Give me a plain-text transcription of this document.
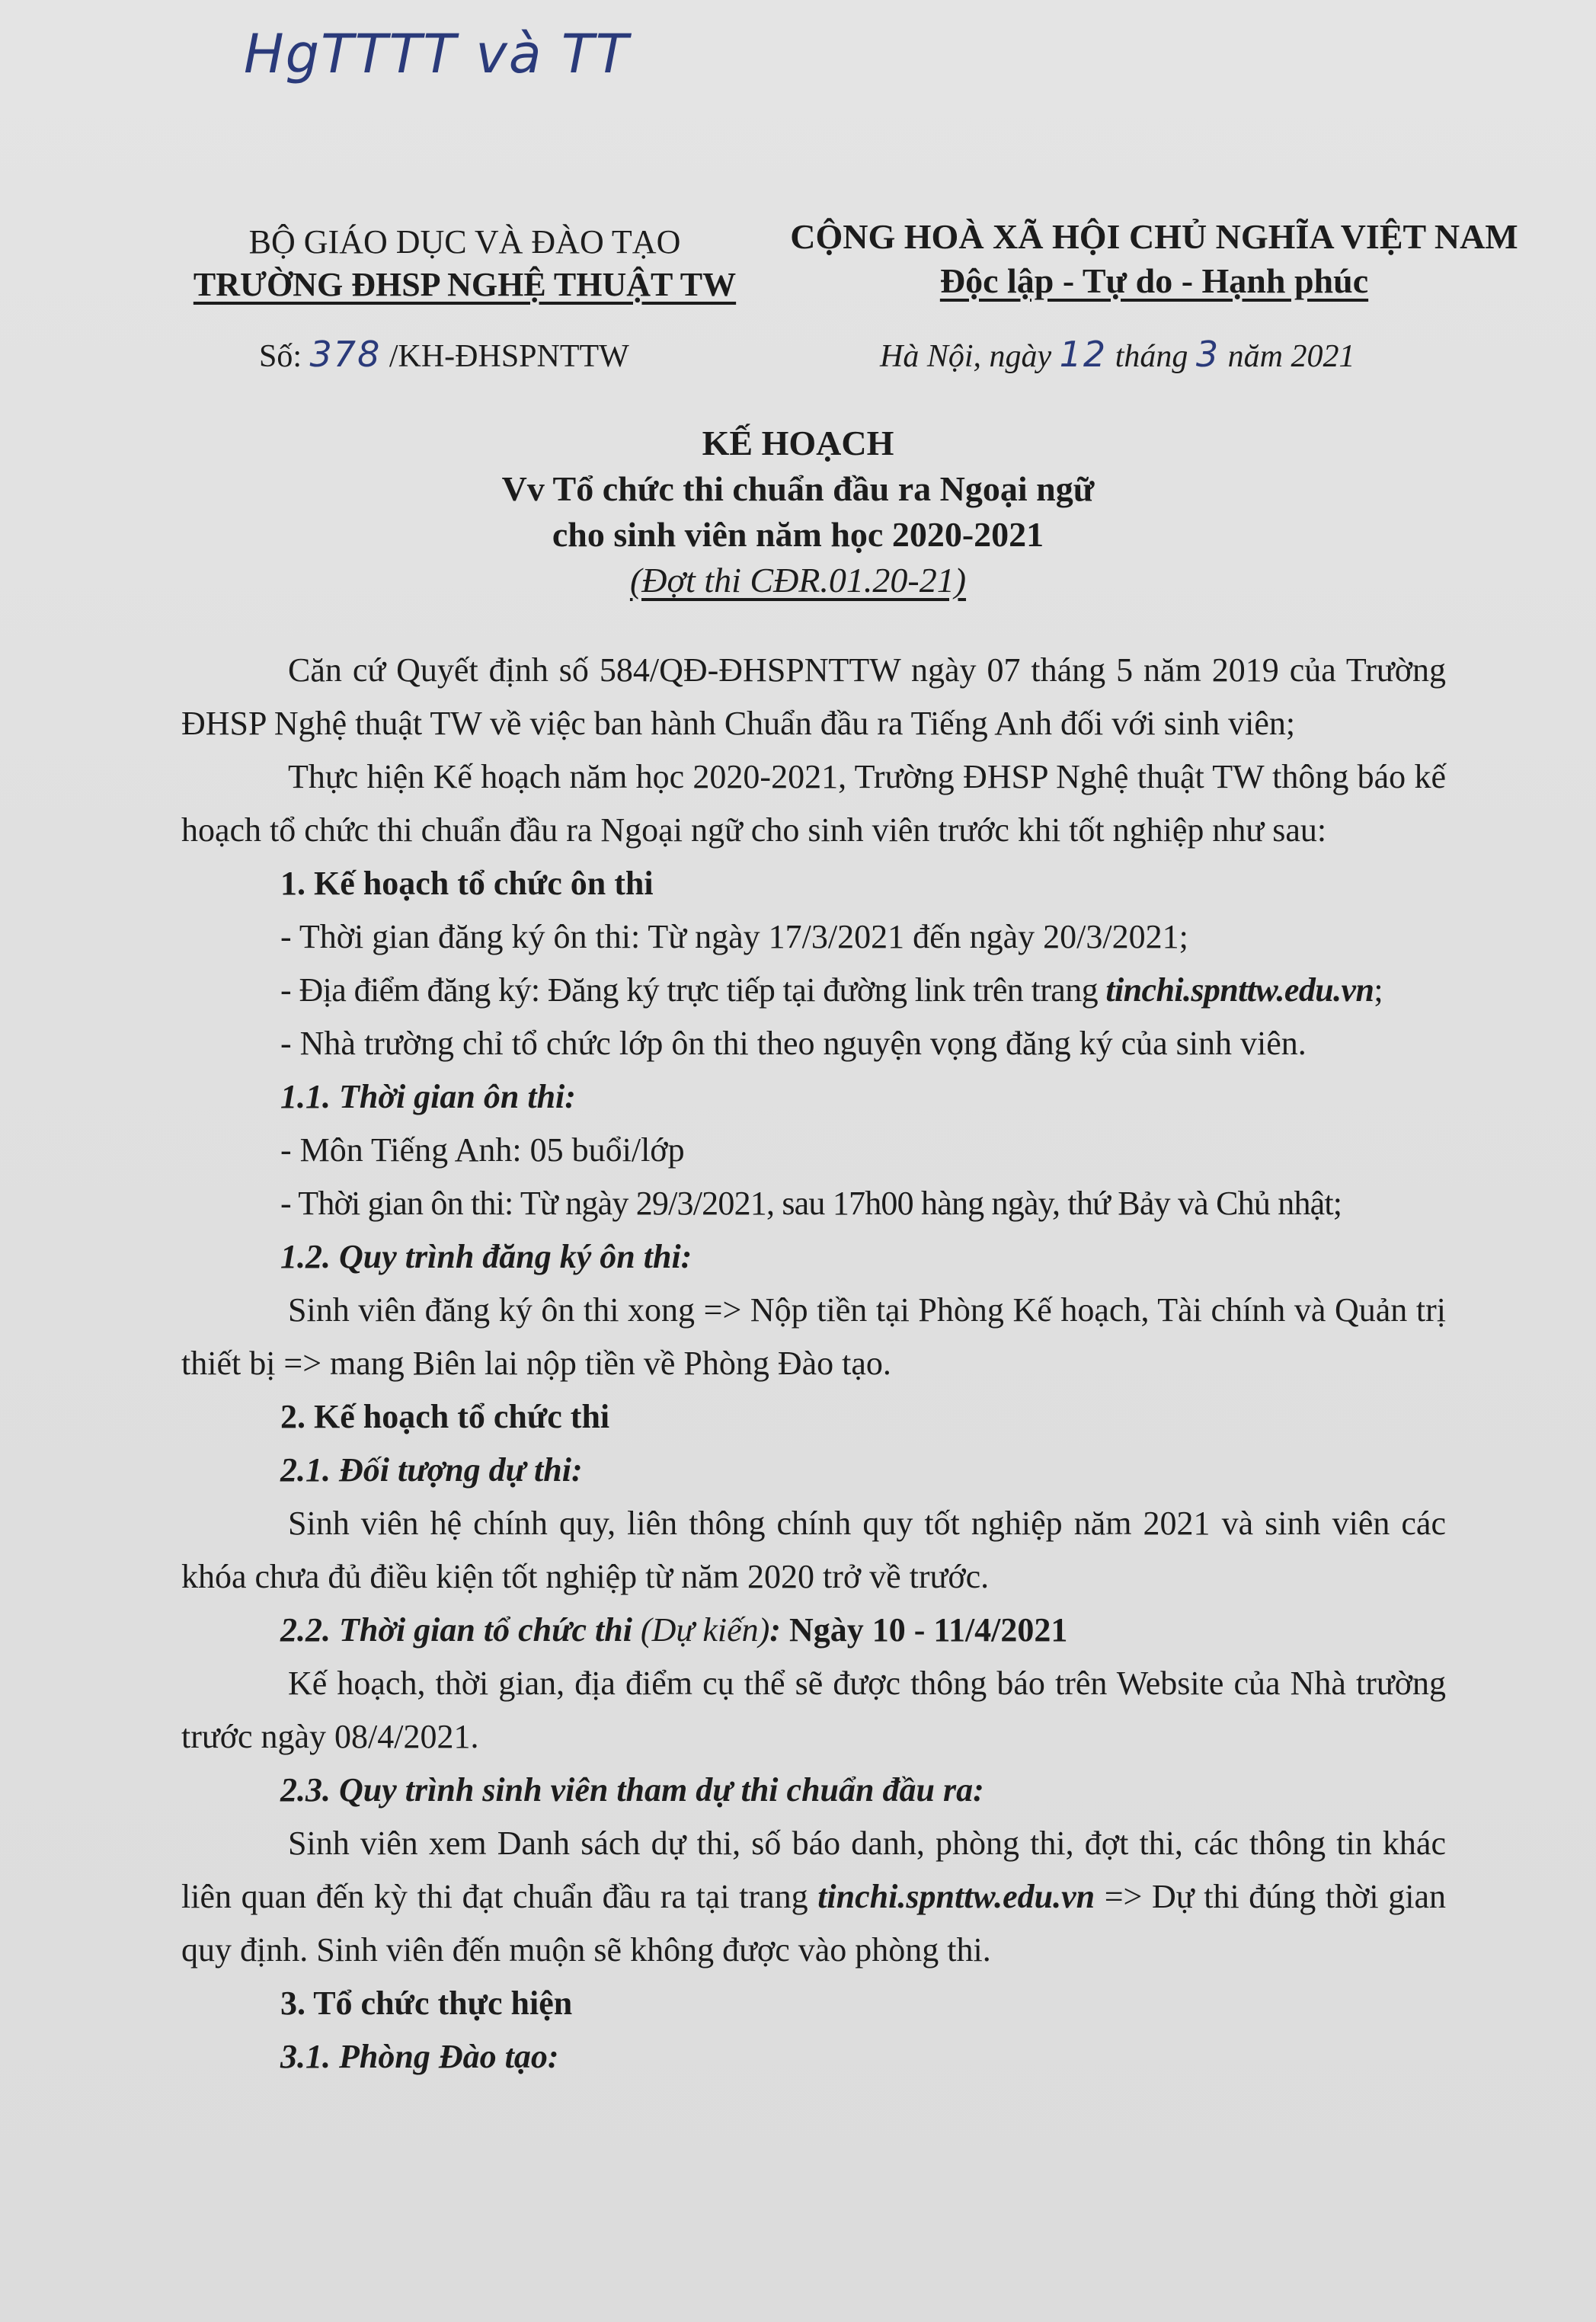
HgTTTT và TT
BỘ GIÁO DỤC VÀ ĐÀO TẠO
TRƯỜNG ĐHSP NGHỆ THUẬT TW
CỘNG HOÀ XÃ HỘI CHỦ NGHĨA VIỆT NAM
Độc lập - Tự do - Hạnh phúc
Số: 378 /KH-ĐHSPNTTW	Hà Nội, ngày 12 tháng 3 năm 2021
KẾ HOẠCH
Vv Tổ chức thi chuẩn đầu ra Ngoại ngữ
cho sinh viên năm học 2020-2021
(Đợt thi CĐR.01.20-21)

Căn cứ Quyết định số 584/QĐ-ĐHSPNTTW ngày 07 tháng 5 năm 2019 của Trường ĐHSP Nghệ thuật TW về việc ban hành Chuẩn đầu ra Tiếng Anh đối với sinh viên;

Thực hiện Kế hoạch năm học 2020-2021, Trường ĐHSP Nghệ thuật TW thông báo kế hoạch tổ chức thi chuẩn đầu ra Ngoại ngữ cho sinh viên trước khi tốt nghiệp như sau:

1. Kế hoạch tổ chức ôn thi

- Thời gian đăng ký ôn thi: Từ ngày 17/3/2021 đến ngày 20/3/2021;

- Địa điểm đăng ký: Đăng ký trực tiếp tại đường link trên trang tinchi.spnttw.edu.vn;

- Nhà trường chỉ tổ chức lớp ôn thi theo nguyện vọng đăng ký của sinh viên.

1.1. Thời gian ôn thi:

- Môn Tiếng Anh: 05 buổi/lớp

- Thời gian ôn thi: Từ ngày 29/3/2021, sau 17h00 hàng ngày, thứ Bảy và Chủ nhật;

1.2. Quy trình đăng ký ôn thi:

Sinh viên đăng ký ôn thi xong => Nộp tiền tại Phòng Kế hoạch, Tài chính và Quản trị thiết bị => mang Biên lai nộp tiền về Phòng Đào tạo.

2. Kế hoạch tổ chức thi

2.1. Đối tượng dự thi:

Sinh viên hệ chính quy, liên thông chính quy tốt nghiệp năm 2021 và sinh viên các khóa chưa đủ điều kiện tốt nghiệp từ năm 2020 trở về trước.

2.2. Thời gian tổ chức thi (Dự kiến): Ngày 10 - 11/4/2021

Kế hoạch, thời gian, địa điểm cụ thể sẽ được thông báo trên Website của Nhà trường trước ngày 08/4/2021.

2.3. Quy trình sinh viên tham dự thi chuẩn đầu ra:

Sinh viên xem Danh sách dự thi, số báo danh, phòng thi, đợt thi, các thông tin khác liên quan đến kỳ thi đạt chuẩn đầu ra tại trang tinchi.spnttw.edu.vn => Dự thi đúng thời gian quy định. Sinh viên đến muộn sẽ không được vào phòng thi.

3. Tổ chức thực hiện

3.1. Phòng Đào tạo:
